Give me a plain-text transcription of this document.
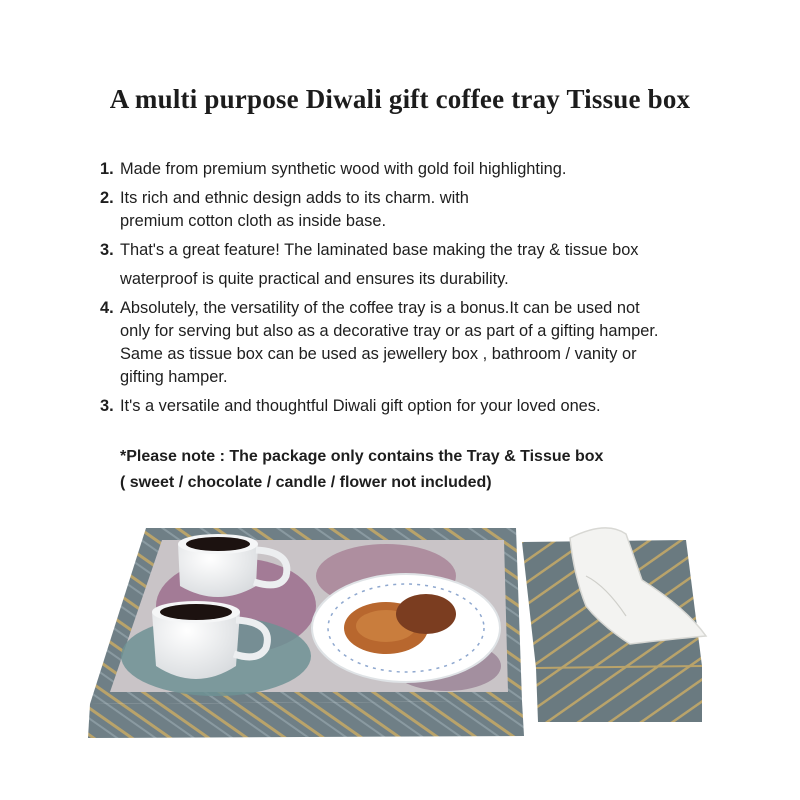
A multi purpose Diwali gift coffee tray Tissue box
1. Made from premium synthetic wood with gold foil highlighting.
2. Its rich and ethnic design adds to its charm. with
premium cotton cloth as inside base.
3. That's a great feature! The laminated base making the tray & tissue box
waterproof is quite practical and ensures its durability.
4. Absolutely, the versatility of the coffee tray is a bonus.It can be used not
only for serving but also as a decorative tray or as part of a gifting hamper.
Same as tissue box can be used as jewellery box , bathroom / vanity or
gifting hamper.
3. It's a versatile and thoughtful Diwali gift option for your loved ones.
*Please note : The package only contains the Tray & Tissue box
( sweet / chocolate / candle / flower not included)
